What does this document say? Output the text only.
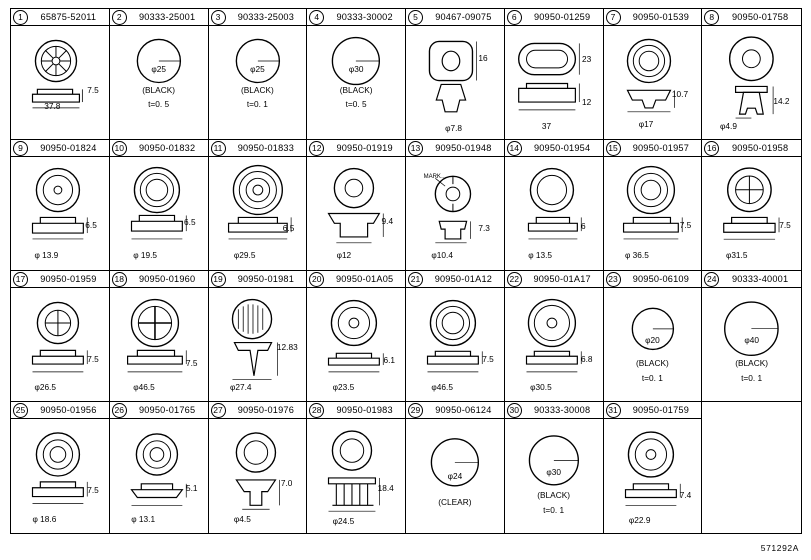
1	65875-52011
7.5
37.8
2	90333-25001
φ25
(BLACK)
t=0. 5
3	90333-25003
φ25
(BLACK)
t=0. 1
4	90333-30002
φ30
(BLACK)
t=0. 5
5	90467-09075
16
φ7.8
6	90950-01259
23
12
37
7	90950-01539
10.7
φ17
8	90950-01758
14.2
φ4.9
9	90950-01824
6.5
φ 13.9
10	90950-01832
6.5
φ 19.5
11	90950-01833
6.5
φ29.5
12	90950-01919
9.4
φ12
13	90950-01948
MARK…
7.3
φ10.4
14	90950-01954
6
φ 13.5
15	90950-01957
7.5
φ 36.5
16	90950-01958
7.5
φ31.5
17	90950-01959
7.5
φ26.5
18	90950-01960
7.5
φ46.5
19	90950-01981
12.83
φ27.4
20	90950-01A05
6.1
φ23.5
21	90950-01A12
7.5
φ46.5
22	90950-01A17
6.8
φ30.5
23	90950-06109
φ20
(BLACK)
t=0. 1
24	90333-40001
φ40
(BLACK)
t=0. 1
25	90950-01956
7.5
φ 18.6
26	90950-01765
5.1
φ 13.1
27	90950-01976
7.0
φ4.5
28	90950-01983
18.4
φ24.5
29	90950-06124
φ24
(CLEAR)
30	90333-30008
φ30
(BLACK)
t=0. 1
31	90950-01759
7.4
φ22.9
571292A
